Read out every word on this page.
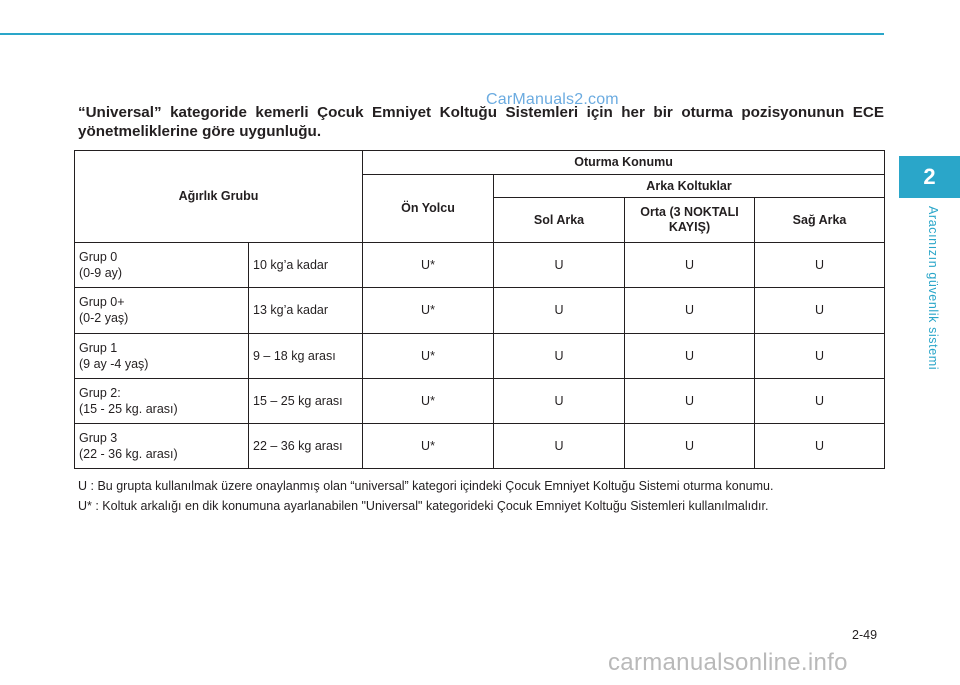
CarManuals2.com
“Universal” kategoride kemerli Çocuk Emniyet Koltuğu Sistemleri için her bir oturma pozisyonunun ECE yönetmeliklerine göre uygunluğu.
Ağırlık Grubu		Oturma Konumu			
		Ön Yolcu	Arka Koltuklar		
			Sol Arka	Orta (3 NOKTALI KAYIŞ)	Sağ Arka

Grup 0
(0-9 ay)	10 kg’a kadar	U*	U	U	U

Grup 0+
(0-2 yaş)	13 kg’a kadar	U*	U	U	U

Grup 1
(9 ay -4 yaş)	9 – 18 kg arası	U*	U	U	U

Grup 2:
(15 - 25 kg. arası)	15 – 25 kg arası	U*	U	U	U

Grup 3
(22 - 36 kg. arası)	22 – 36 kg arası	U*	U	U	U
U : Bu grupta kullanılmak üzere onaylanmış olan “universal” kategori içindeki Çocuk Emniyet Koltuğu Sistemi oturma konumu.
U* : Koltuk arkalığı en dik konumuna ayarlanabilen "Universal" kategorideki Çocuk Emniyet Koltuğu Sistemleri kullanılmalıdır.
2
Aracınızın güvenlik sistemi
2-49
carmanualsonline.info
